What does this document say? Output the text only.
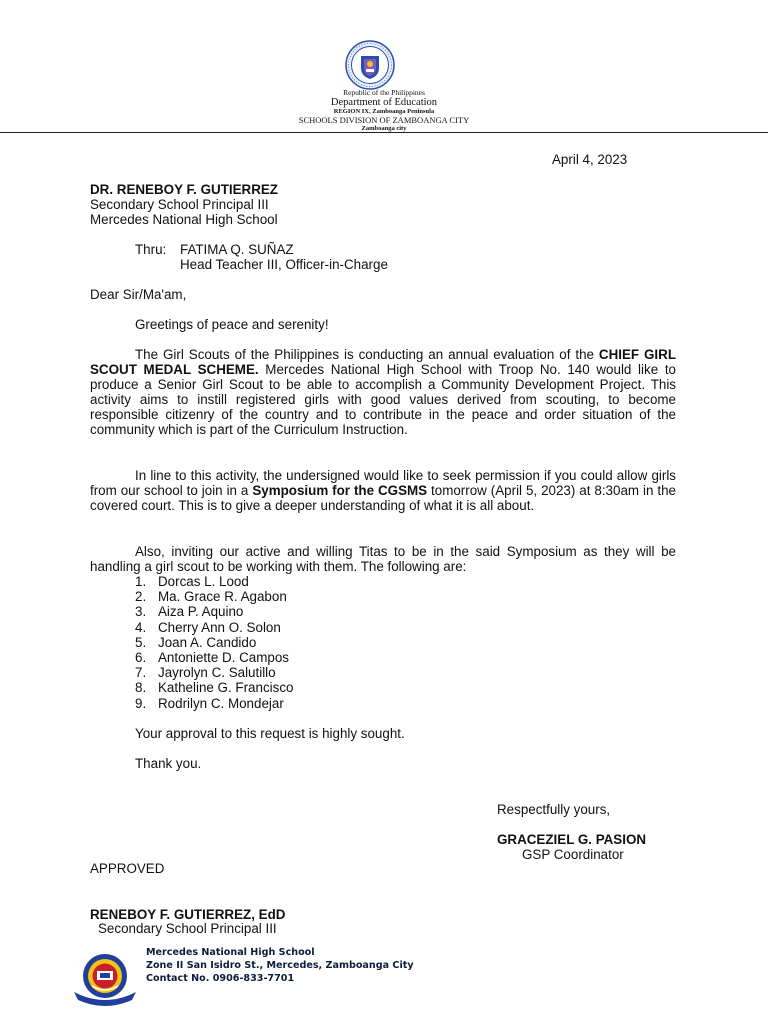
Republic of the Philippines
Department of Education
REGION IX, Zamboanga Peninsula
SCHOOLS DIVISION OF ZAMBOANGA CITY
Zamboanga city
April 4, 2023
DR. RENEBOY F. GUTIERREZ
Secondary School Principal III
Mercedes National High School
Thru: FATIMA Q. SUÑAZ
Head Teacher III, Officer-in-Charge
Dear Sir/Ma'am,
Greetings of peace and serenity!
The Girl Scouts of the Philippines is conducting an annual evaluation of the CHIEF GIRL SCOUT MEDAL SCHEME. Mercedes National High School with Troop No. 140 would like to produce a Senior Girl Scout to be able to accomplish a Community Development Project. This activity aims to instill registered girls with good values derived from scouting, to become responsible citizenry of the country and to contribute in the peace and order situation of the community which is part of the Curriculum Instruction.
In line to this activity, the undersigned would like to seek permission if you could allow girls from our school to join in a Symposium for the CGSMS tomorrow (April 5, 2023) at 8:30am in the covered court. This is to give a deeper understanding of what it is all about.
Also, inviting our active and willing Titas to be in the said Symposium as they will be handling a girl scout to be working with them. The following are:
1. Dorcas L. Lood
2. Ma. Grace R. Agabon
3. Aiza P. Aquino
4. Cherry Ann O. Solon
5. Joan A. Candido
6. Antoniette D. Campos
7. Jayrolyn C. Salutillo
8. Katheline G. Francisco
9. Rodrilyn C. Mondejar
Your approval to this request is highly sought.
Thank you.
Respectfully yours,
GRACEZIEL G. PASION
GSP Coordinator
APPROVED
RENEBOY F. GUTIERREZ, EdD
Secondary School Principal III
Mercedes National High School
Zone II San Isidro St., Mercedes, Zamboanga City
Contact No. 0906-833-7701
